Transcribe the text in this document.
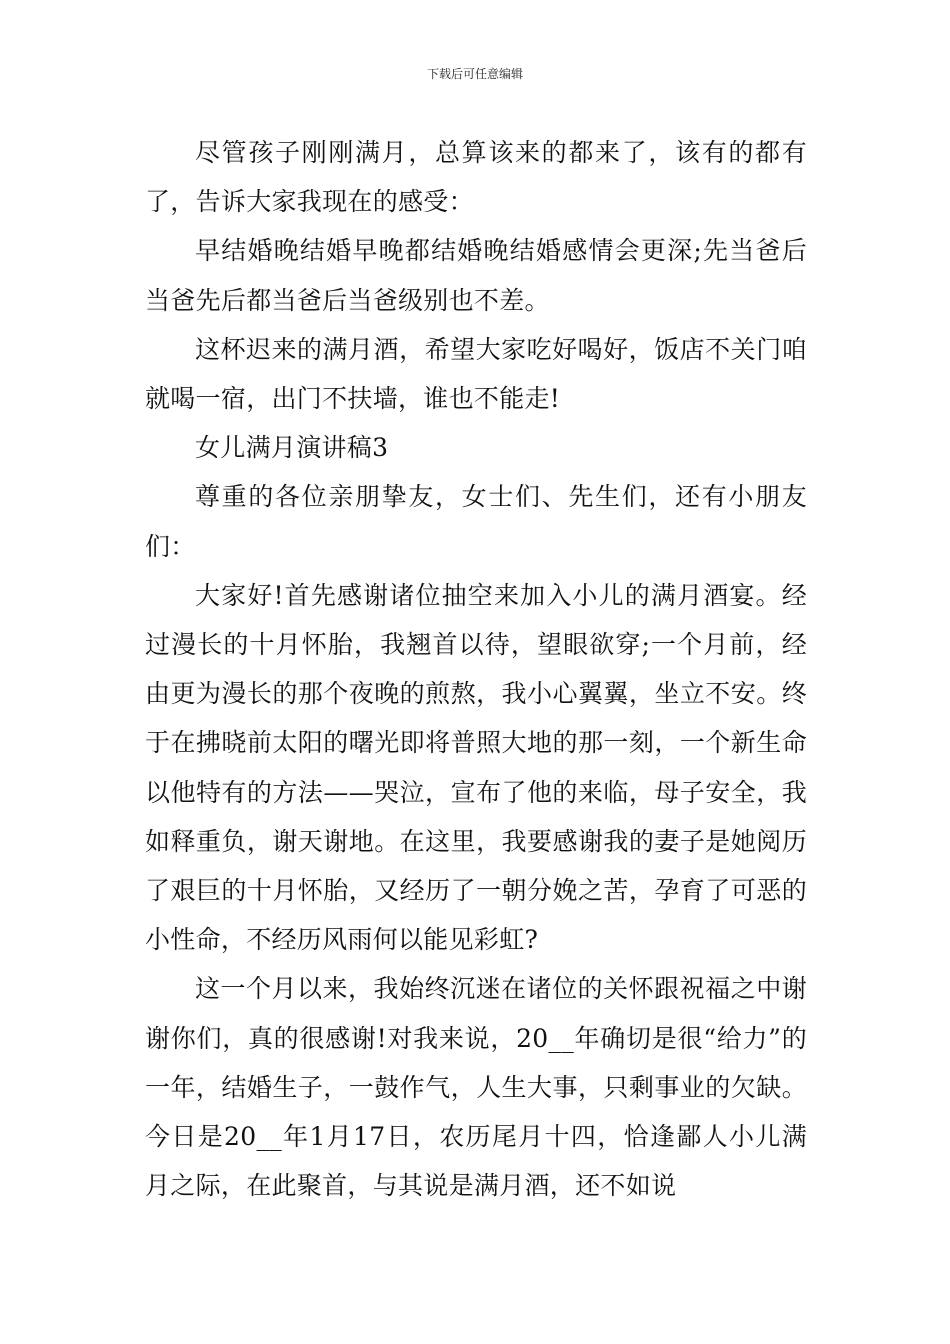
下载后可任意编辑

尽管孩子刚刚满月，总算该来的都来了，该有的都有了，告诉大家我现在的感受：

早结婚晚结婚早晚都结婚晚结婚感情会更深;先当爸后当爸先后都当爸后当爸级别也不差。

这杯迟来的满月酒，希望大家吃好喝好，饭店不关门咱就喝一宿，出门不扶墙，谁也不能走!

女儿满月演讲稿3

尊重的各位亲朋挚友，女士们、先生们，还有小朋友们：

大家好!首先感谢诸位抽空来加入小儿的满月酒宴。经过漫长的十月怀胎，我翘首以待，望眼欲穿;一个月前，经由更为漫长的那个夜晚的煎熬，我小心翼翼，坐立不安。终于在拂晓前太阳的曙光即将普照大地的那一刻，一个新生命以他特有的方法——哭泣，宣布了他的来临，母子安全，我如释重负，谢天谢地。在这里，我要感谢我的妻子是她阅历了艰巨的十月怀胎，又经历了一朝分娩之苦，孕育了可恶的小性命，不经历风雨何以能见彩虹?

这一个月以来，我始终沉迷在诸位的关怀跟祝福之中谢谢你们，真的很感谢!对我来说，20__年确切是很“给力”的一年，结婚生子，一鼓作气，人生大事，只剩事业的欠缺。今日是20__年1月17日，农历尾月十四，恰逢鄙人小儿满月之际，在此聚首，与其说是满月酒，还不如说
